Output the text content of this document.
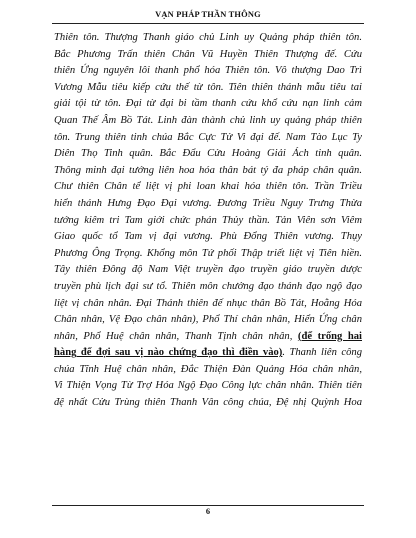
VẠN PHÁP THẦN THÔNG
Thiên tôn. Thượng Thanh giáo chủ Linh uy Quảng pháp thiên tôn.
Bắc Phương Trấn thiên Chân Vũ Huyền Thiên Thượng đế. Cứu
thiên Ứng nguyên lôi thanh phổ hóa Thiên tôn. Vô thượng Dao Trì
Vương Mẫu tiêu kiếp cứu thế từ tôn. Tiên thiên thánh mẫu tiêu tai
giải tội từ tôn. Đại từ đại bi tầm thanh cứu khổ cứu nạn linh cảm
Quan Thế Âm Bồ Tát. Linh đàn thành chủ linh uy quảng pháp thiên
tôn. Trung thiên tinh chúa Bắc Cực Tử Vi đại đế. Nam Tào Lục Ty
Diên Thọ Tinh quân. Bắc Đẩu Cửu Hoàng Giải Ách tinh quân.
Thông minh đại tướng liên hoa hóa thân bát tý đa pháp chân quân.
Chư thiên Chân tể liệt vị phi loan khai hóa thiên tôn. Trần Triều
hiển thánh Hưng Đạo Đại vương. Đương Triều Nguy Trưng Thừa
tướng kiêm tri Tam giới chức phán Thủy thần. Tản Viên sơn Viêm
Giao quốc tổ Tam vị đại vương. Phù Đổng Thiên vương. Thụy
Phương Ông Trọng. Khổng môn Tứ phối Thập triết liệt vị Tiên hiền.
Tây thiên Đông độ Nam Việt truyền đạo truyền giáo truyền dược
truyền phù lịch đại sư tổ. Thiên môn chưởng đạo thánh đạo ngộ đạo
liệt vị chân nhân. Đại Thánh thiên đế nhục thân Bồ Tát, Hoằng Hóa
Chân nhân, Vệ Đạo chân nhân), Phổ Thí chân nhân, Hiển Ứng chân
nhân, Phổ Huệ chân nhân, Thanh Tịnh chân nhân, (để trống hai
hàng để đợi sau vị nào chứng đạo thì điền vào). Thanh liên công
chúa Tĩnh Huệ chân nhân, Đắc Thiện Đàn Quảng Hóa chân nhân,
Vi Thiện Vọng Từ Trợ Hóa Ngộ Đạo Công lực chân nhân. Thiên tiên
đệ nhất Cửu Trùng thiên Thanh Vân công chúa, Đệ nhị Quỳnh Hoa
6
